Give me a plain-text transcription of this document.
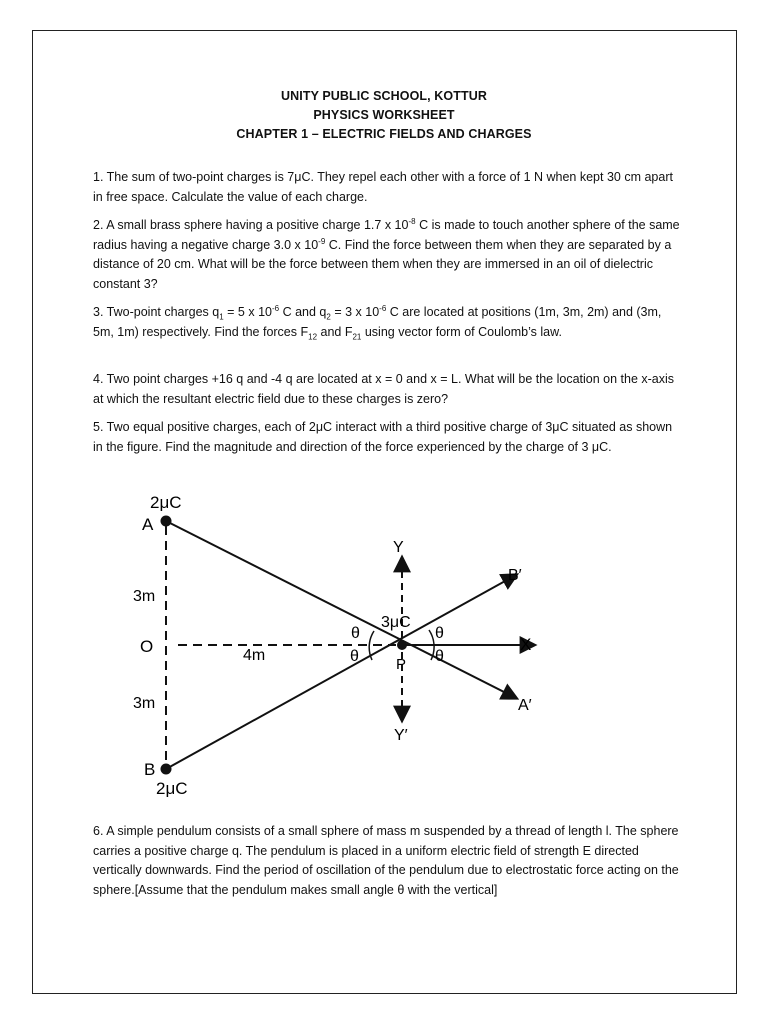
UNITY PUBLIC SCHOOL, KOTTUR
PHYSICS WORKSHEET
CHAPTER 1 – ELECTRIC FIELDS AND CHARGES
1. The sum of two-point charges is 7μC. They repel each other with a force of 1 N when kept 30 cm apart in free space. Calculate the value of each charge.
2. A small brass sphere having a positive charge 1.7 x $10^{-8}$ C is made to touch another sphere of the same radius having a negative charge 3.0 x $10^{-9}$ C. Find the force between them when they are separated by a distance of 20 cm. What will be the force between them when they are immersed in an oil of dielectric constant 3?
3. Two-point charges $q_1 = 5$ x $10^{-6}$ C and $q_2 = 3$ x $10^{-6}$ C are located at positions (1m, 3m, 2m) and (3m, 5m, 1m) respectively. Find the forces $F_{12}$ and $F_{21}$ using vector form of Coulomb’s law.
4. Two point charges +16 q and -4 q are located at x = 0 and x = L. What will be the location on the x-axis at which the resultant electric field due to these charges is zero?
5. Two equal positive charges, each of 2μC interact with a third positive charge of 3μC situated as shown in the figure. Find the magnitude and direction of the force experienced by the charge of 3 μC.
2μC
A
3m
O	4m
3m
B
2μC
Y
Y′
X
B′
A′
3μC
P
θ
θ
θ
θ
6. A simple pendulum consists of a small sphere of mass m suspended by a thread of length l. The sphere carries a positive charge q. The pendulum is placed in a uniform electric field of strength E directed vertically downwards. Find the period of oscillation of the pendulum due to electrostatic force acting on the sphere.[Assume that the pendulum makes small angle θ with the vertical]
